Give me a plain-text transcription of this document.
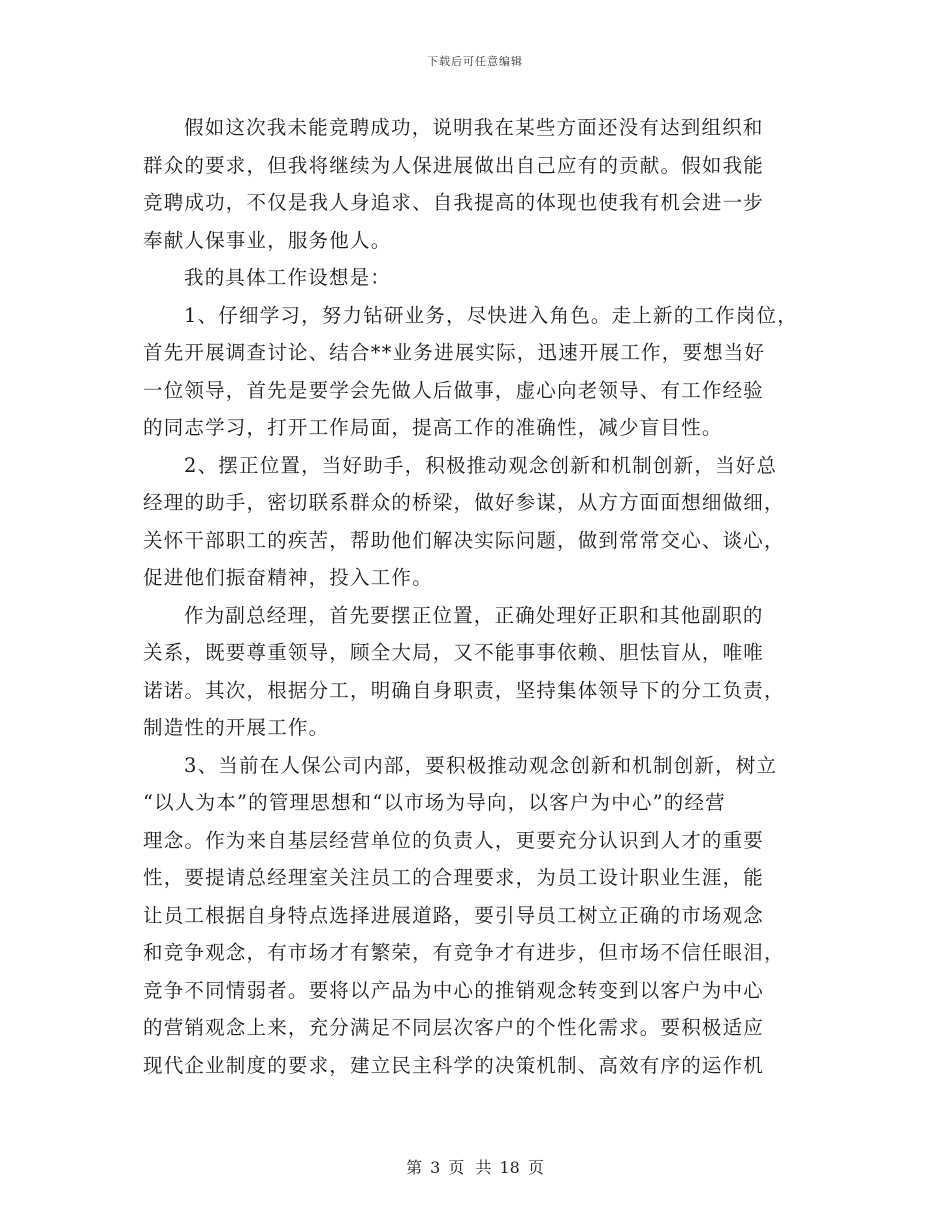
下载后可任意编辑
假如这次我未能竞聘成功，说明我在某些方面还没有达到组织和
群众的要求，但我将继续为人保进展做出自己应有的贡献。假如我能
竞聘成功，不仅是我人身追求、自我提高的体现也使我有机会进一步
奉献人保事业，服务他人。
我的具体工作设想是：
1、仔细学习，努力钻研业务，尽快进入角色。走上新的工作岗位，
首先开展调查讨论、结合**业务进展实际，迅速开展工作，要想当好
一位领导，首先是要学会先做人后做事，虚心向老领导、有工作经验
的同志学习，打开工作局面，提高工作的准确性，减少盲目性。
2、摆正位置，当好助手，积极推动观念创新和机制创新，当好总
经理的助手，密切联系群众的桥梁，做好参谋，从方方面面想细做细，
关怀干部职工的疾苦，帮助他们解决实际问题，做到常常交心、谈心，
促进他们振奋精神，投入工作。
作为副总经理，首先要摆正位置，正确处理好正职和其他副职的
关系，既要尊重领导，顾全大局，又不能事事依赖、胆怯盲从，唯唯
诺诺。其次，根据分工，明确自身职责，坚持集体领导下的分工负责，
制造性的开展工作。
3、当前在人保公司内部，要积极推动观念创新和机制创新，树立
“以人为本”的管理思想和“以市场为导向，以客户为中心”的经营
理念。作为来自基层经营单位的负责人，更要充分认识到人才的重要
性，要提请总经理室关注员工的合理要求，为员工设计职业生涯，能
让员工根据自身特点选择进展道路，要引导员工树立正确的市场观念
和竞争观念，有市场才有繁荣，有竞争才有进步，但市场不信任眼泪，
竞争不同情弱者。要将以产品为中心的推销观念转变到以客户为中心
的营销观念上来，充分满足不同层次客户的个性化需求。要积极适应
现代企业制度的要求，建立民主科学的决策机制、高效有序的运作机
第 3 页 共 18 页
